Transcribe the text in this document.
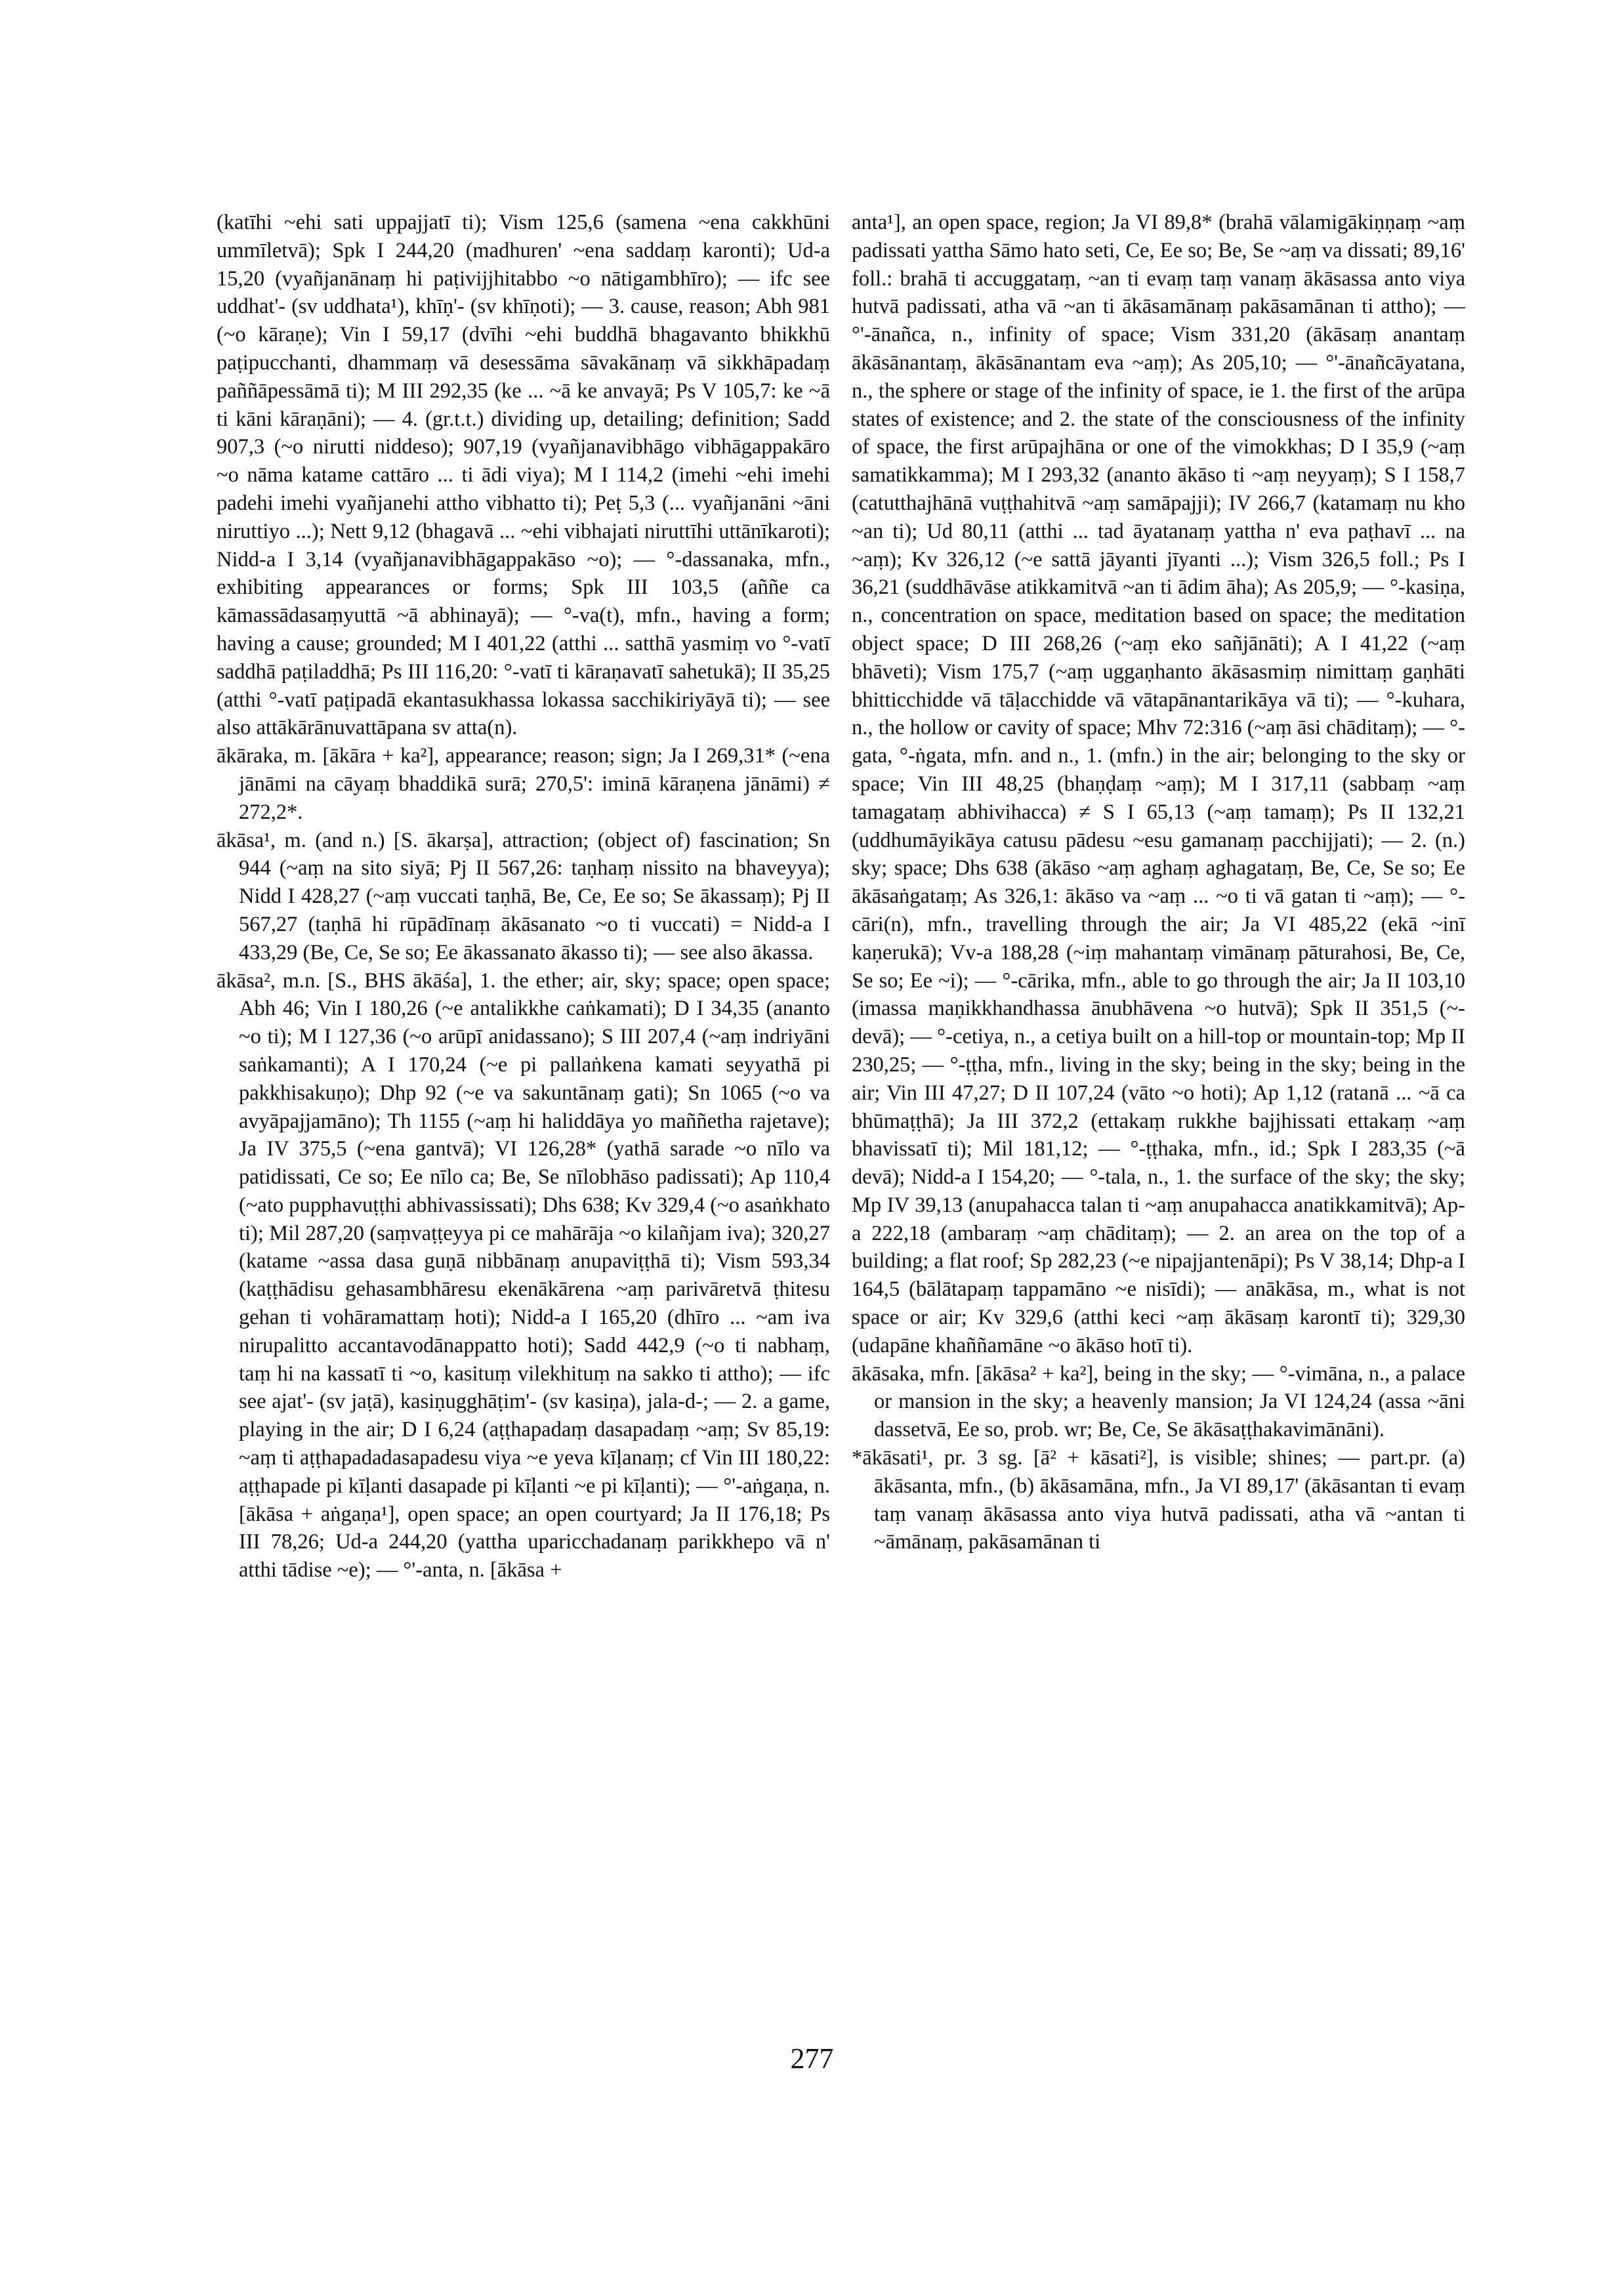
(katīhi ~ehi sati uppajjatī ti); Vism 125,6 (samena ~ena cakkhūni ummīletvā); Spk I 244,20 (madhuren' ~ena saddaṃ karonti); Ud-a 15,20 (vyañjanānaṃ hi paṭivijjhitabbo ~o nātigambhīro); — ifc see uddhat'- (sv uddhata¹), khīṇ'- (sv khīṇoti); — 3. cause, reason; Abh 981 (~o kāraṇe); Vin I 59,17 (dvīhi ~ehi buddhā bhagavanto bhikkhū paṭipucchanti, dhammaṃ vā desessāma sāvakānaṃ vā sikkhāpadaṃ paññāpessāmā ti); M III 292,35 (ke ... ~ā ke anvayā; Ps V 105,7: ke ~ā ti kāni kāraṇāni); — 4. (gr.t.t.) dividing up, detailing; definition; Sadd 907,3 (~o nirutti niddeso); 907,19 (vyañjanavibhāgo vibhāgappakāro ~o nāma katame cattāro ... ti ādi viya); M I 114,2 (imehi ~ehi imehi padehi imehi vyañjanehi attho vibhatto ti); Peṭ 5,3 (... vyañjanāni ~āni niruttiyo ...); Nett 9,12 (bhagavā ... ~ehi vibhajati niruttīhi uttānīkaroti); Nidd-a I 3,14 (vyañjanavibhāgappakāso ~o); — °-dassanaka, mfn., exhibiting appearances or forms; Spk III 103,5 (aññe ca kāmassādasaṃyuttā ~ā abhinayā); — °-va(t), mfn., having a form; having a cause; grounded; M I 401,22 (atthi ... satthā yasmiṃ vo °-vatī saddhā paṭiladdhā; Ps III 116,20: °-vatī ti kāraṇavatī sahetukā); II 35,25 (atthi °-vatī paṭipadā ekantasukhassa lokassa sacchikiriyāyā ti); — see also attākārānuvattāpana sv atta(n).

ākāraka, m. [ākāra + ka²], appearance; reason; sign; Ja I 269,31* (~ena jānāmi na cāyaṃ bhaddikā surā; 270,5': iminā kāraṇena jānāmi) ≠ 272,2*.

ākāsa¹, m. (and n.) [S. ākarṣa], attraction; (object of) fascination; Sn 944 (~aṃ na sito siyā; Pj II 567,26: taṇhaṃ nissito na bhaveyya); Nidd I 428,27 (~aṃ vuccati taṇhā, Be, Ce, Ee so; Se ākassaṃ); Pj II 567,27 (taṇhā hi rūpādīnaṃ ākāsanato ~o ti vuccati) = Nidd-a I 433,29 (Be, Ce, Se so; Ee ākassanato ākasso ti); — see also ākassa.

ākāsa², m.n. [S., BHS ākāśa], 1. the ether; air, sky; space; open space; Abh 46; Vin I 180,26 (~e antalikkhe caṅkamati); D I 34,35 (ananto ~o ti); M I 127,36 (~o arūpī anidassano); S III 207,4 (~aṃ indriyāni saṅkamanti); A I 170,24 (~e pi pallaṅkena kamati seyyathā pi pakkhisakuṇo); Dhp 92 (~e va sakuntānaṃ gati); Sn 1065 (~o va avyāpajjamāno); Th 1155 (~aṃ hi haliddāya yo maññetha rajetave); Ja IV 375,5 (~ena gantvā); VI 126,28* (yathā sarade ~o nīlo va patidissati, Ce so; Ee nīlo ca; Be, Se nīlobhāso padissati); Ap 110,4 (~ato pupphavuṭṭhi abhivassissati); Dhs 638; Kv 329,4 (~o asaṅkhato ti); Mil 287,20 (saṃvaṭṭeyya pi ce mahārāja ~o kilañjam iva); 320,27 (katame ~assa dasa guṇā nibbānaṃ anupaviṭṭhā ti); Vism 593,34 (kaṭṭhādisu gehasambhāresu ekenākārena ~aṃ parivāretvā ṭhitesu gehan ti vohāramattaṃ hoti); Nidd-a I 165,20 (dhīro ... ~am iva nirupalitto accantavodānappatto hoti); Sadd 442,9 (~o ti nabhaṃ, taṃ hi na kassatī ti ~o, kasituṃ vilekhituṃ na sakko ti attho); — ifc see ajat'- (sv jaṭā), kasiṇugghāṭim'- (sv kasiṇa), jala-d-; — 2. a game, playing in the air; D I 6,24 (aṭṭhapadaṃ dasapadaṃ ~aṃ; Sv 85,19: ~aṃ ti aṭṭhapadadasapadesu viya ~e yeva kīḷanaṃ; cf Vin III 180,22: aṭṭhapade pi kīḷanti dasapade pi kīḷanti ~e pi kīḷanti); — °'-aṅgaṇa, n. [ākāsa + aṅgaṇa¹], open space; an open courtyard; Ja II 176,18; Ps III 78,26; Ud-a 244,20 (yattha uparicchadanaṃ parikkhepo vā n' atthi tādise ~e); — °'-anta, n. [ākāsa +

anta¹], an open space, region; Ja VI 89,8* (brahā vālamigākiṇṇaṃ ~aṃ padissati yattha Sāmo hato seti, Ce, Ee so; Be, Se ~aṃ va dissati; 89,16' foll.: brahā ti accuggataṃ, ~an ti evaṃ taṃ vanaṃ ākāsassa anto viya hutvā padissati, atha vā ~an ti ākāsamānaṃ pakāsamānan ti attho); — °'-ānañca, n., infinity of space; Vism 331,20 (ākāsaṃ anantaṃ ākāsānantaṃ, ākāsānantam eva ~aṃ); As 205,10; — °'-ānañcāyatana, n., the sphere or stage of the infinity of space, ie 1. the first of the arūpa states of existence; and 2. the state of the consciousness of the infinity of space, the first arūpajhāna or one of the vimokkhas; D I 35,9 (~aṃ samatikkamma); M I 293,32 (ananto ākāso ti ~aṃ neyyaṃ); S I 158,7 (catutthajhānā vuṭṭhahitvā ~aṃ samāpajji); IV 266,7 (katamaṃ nu kho ~an ti); Ud 80,11 (atthi ... tad āyatanaṃ yattha n' eva paṭhavī ... na ~aṃ); Kv 326,12 (~e sattā jāyanti jīyanti ...); Vism 326,5 foll.; Ps I 36,21 (suddhāvāse atikkamitvā ~an ti ādim āha); As 205,9; — °-kasiṇa, n., concentration on space, meditation based on space; the meditation object space; D III 268,26 (~aṃ eko sañjānāti); A I 41,22 (~aṃ bhāveti); Vism 175,7 (~aṃ uggaṇhanto ākāsasmiṃ nimittaṃ gaṇhāti bhitticchidde vā tāḷacchidde vā vātapānantarikāya vā ti); — °-kuhara, n., the hollow or cavity of space; Mhv 72:316 (~aṃ āsi chāditaṃ); — °-gata, °-ṅgata, mfn. and n., 1. (mfn.) in the air; belonging to the sky or space; Vin III 48,25 (bhaṇḍaṃ ~aṃ); M I 317,11 (sabbaṃ ~aṃ tamagataṃ abhivihacca) ≠ S I 65,13 (~aṃ tamaṃ); Ps II 132,21 (uddhumāyikāya catusu pādesu ~esu gamanaṃ pacchijjati); — 2. (n.) sky; space; Dhs 638 (ākāso ~aṃ aghaṃ aghagataṃ, Be, Ce, Se so; Ee ākāsaṅgataṃ; As 326,1: ākāso va ~aṃ ... ~o ti vā gatan ti ~aṃ); — °-cāri(n), mfn., travelling through the air; Ja VI 485,22 (ekā ~inī kaṇerukā); Vv-a 188,28 (~iṃ mahantaṃ vimānaṃ pāturahosi, Be, Ce, Se so; Ee ~i); — °-cārika, mfn., able to go through the air; Ja II 103,10 (imassa maṇikkhandhassa ānubhāvena ~o hutvā); Spk II 351,5 (~-devā); — °-cetiya, n., a cetiya built on a hill-top or mountain-top; Mp II 230,25; — °-ṭṭha, mfn., living in the sky; being in the sky; being in the air; Vin III 47,27; D II 107,24 (vāto ~o hoti); Ap 1,12 (ratanā ... ~ā ca bhūmaṭṭhā); Ja III 372,2 (ettakaṃ rukkhe bajjhissati ettakaṃ ~aṃ bhavissatī ti); Mil 181,12; — °-ṭṭhaka, mfn., id.; Spk I 283,35 (~ā devā); Nidd-a I 154,20; — °-tala, n., 1. the surface of the sky; the sky; Mp IV 39,13 (anupahacca talan ti ~aṃ anupahacca anatikkamitvā); Ap-a 222,18 (ambaraṃ ~aṃ chāditaṃ); — 2. an area on the top of a building; a flat roof; Sp 282,23 (~e nipajjantenāpi); Ps V 38,14; Dhp-a I 164,5 (bālātapaṃ tappamāno ~e nisīdi); — anākāsa, m., what is not space or air; Kv 329,6 (atthi keci ~aṃ ākāsaṃ karontī ti); 329,30 (udapāne khaññamāne ~o ākāso hotī ti).

ākāsaka, mfn. [ākāsa² + ka²], being in the sky; — °-vimāna, n., a palace or mansion in the sky; a heavenly mansion; Ja VI 124,24 (assa ~āni dassetvā, Ee so, prob. wr; Be, Ce, Se ākāsaṭṭhakavimānāni).

*ākāsati¹, pr. 3 sg. [ā² + kāsati²], is visible; shines; — part.pr. (a) ākāsanta, mfn., (b) ākāsamāna, mfn., Ja VI 89,17' (ākāsantan ti evaṃ taṃ vanaṃ ākāsassa anto viya hutvā padissati, atha vā ~antan ti ~āmānaṃ, pakāsamānan ti

277
